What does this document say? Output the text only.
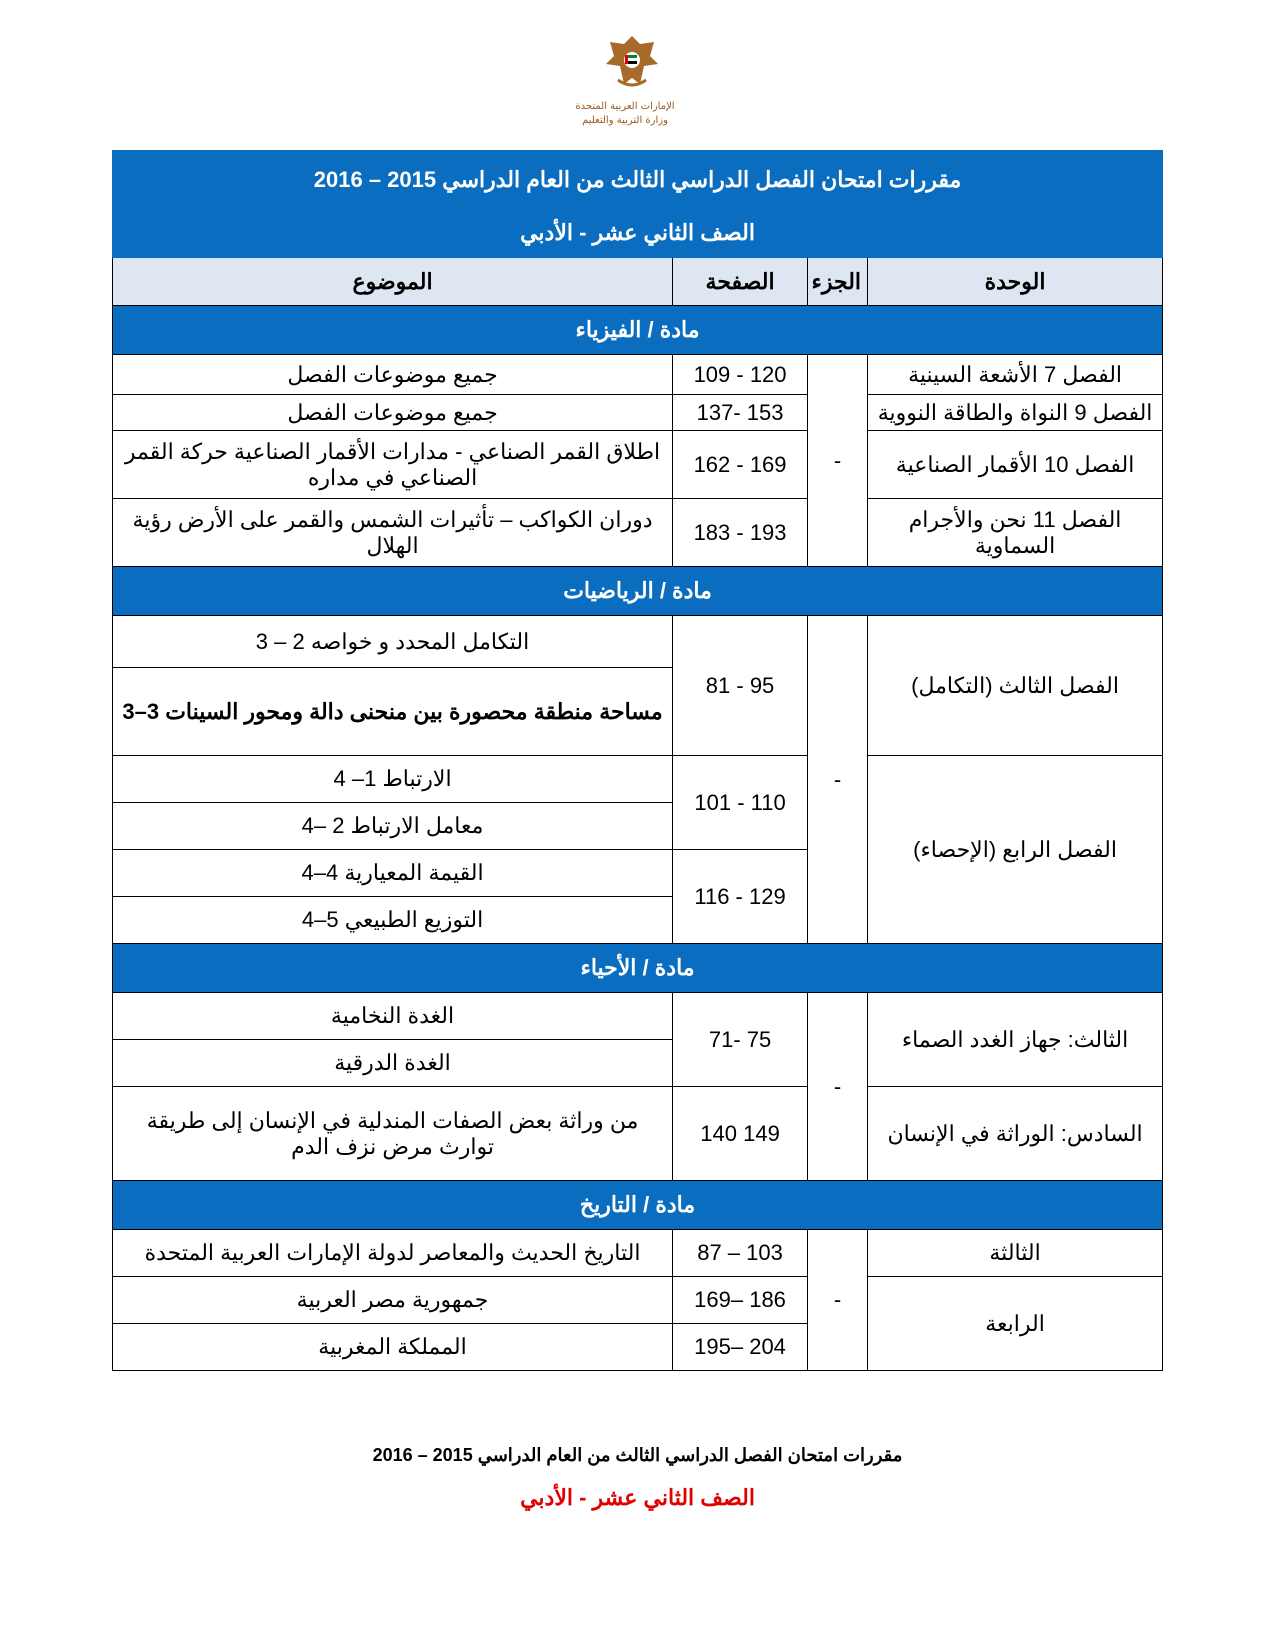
الإمارات العربية المتحدة
وزارة التربية والتعليم
مقررات امتحان الفصل الدراسي الثالث من العام الدراسي 2015 – 2016			
الصف الثاني عشر - الأدبي			
الوحدة	الجزء	الصفحة	الموضوع
مادة / الفيزياء			
الفصل 7 الأشعة السينية	-	109 - 120	جميع موضوعات الفصل
الفصل 9 النواة والطاقة النووية		137- 153	جميع موضوعات الفصل
الفصل 10 الأقمار الصناعية		162 - 169	اطلاق القمر الصناعي - مدارات الأقمار الصناعية حركة القمر الصناعي في مداره
الفصل 11 نحن والأجرام السماوية		183 - 193	دوران الكواكب – تأثيرات الشمس والقمر على الأرض رؤية الهلال
مادة / الرياضيات			
الفصل الثالث (التكامل)	-	81 - 95	التكامل المحدد و خواصه 2 – 3
			مساحة منطقة محصورة بين منحنى دالة ومحور السينات 3–3
الفصل الرابع (الإحصاء)		101 - 110	الارتباط 1– 4
			معامل الارتباط 2 –4
		116 - 129	القيمة المعيارية 4–4
			التوزيع الطبيعي 5–4
مادة / الأحياء			
الثالث: جهاز الغدد الصماء	-	71- 75	الغدة النخامية
			الغدة الدرقية
السادس: الوراثة في الإنسان		140 149	من وراثة بعض الصفات المندلية في الإنسان إلى طريقة توارث مرض نزف الدم
مادة / التاريخ			
الثالثة	-	87 – 103	التاريخ الحديث والمعاصر لدولة الإمارات العربية المتحدة
الرابعة		169– 186	جمهورية مصر العربية
		195– 204	المملكة المغربية
مقررات امتحان الفصل الدراسي الثالث من العام الدراسي 2015 – 2016
الصف الثاني عشر - الأدبي
